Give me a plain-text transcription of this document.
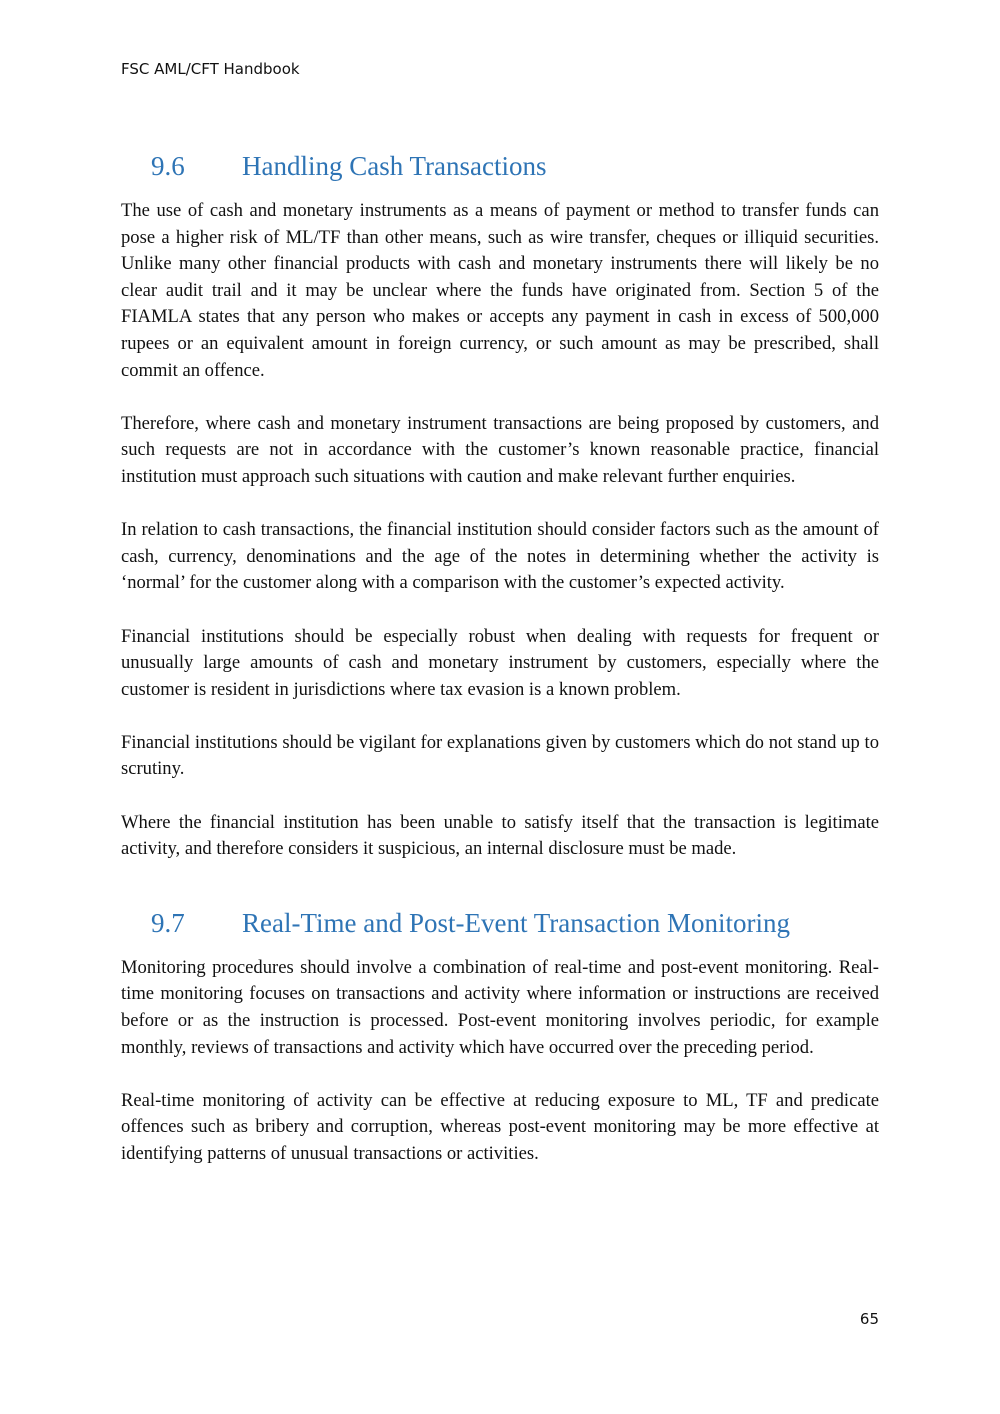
FSC AML/CFT Handbook
9.6 Handling Cash Transactions

The use of cash and monetary instruments as a means of payment or method to transfer funds can pose a higher risk of ML/TF than other means, such as wire transfer, cheques or illiquid securities. Unlike many other financial products with cash and monetary instruments there will likely be no clear audit trail and it may be unclear where the funds have originated from. Section 5 of the FIAMLA states that any person who makes or accepts any payment in cash in excess of 500,000 rupees or an equivalent amount in foreign currency, or such amount as may be prescribed, shall commit an offence.

Therefore, where cash and monetary instrument transactions are being proposed by customers, and such requests are not in accordance with the customer’s known reasonable practice, financial institution must approach such situations with caution and make relevant further enquiries.

In relation to cash transactions, the financial institution should consider factors such as the amount of cash, currency, denominations and the age of the notes in determining whether the activity is ‘normal’ for the customer along with a comparison with the customer’s expected activity.

Financial institutions should be especially robust when dealing with requests for frequent or unusually large amounts of cash and monetary instrument by customers, especially where the customer is resident in jurisdictions where tax evasion is a known problem.

Financial institutions should be vigilant for explanations given by customers which do not stand up to scrutiny.

Where the financial institution has been unable to satisfy itself that the transaction is legitimate activity, and therefore considers it suspicious, an internal disclosure must be made.

9.7 Real-Time and Post-Event Transaction Monitoring

Monitoring procedures should involve a combination of real-time and post-event monitoring. Real-time monitoring focuses on transactions and activity where information or instructions are received before or as the instruction is processed. Post-event monitoring involves periodic, for example monthly, reviews of transactions and activity which have occurred over the preceding period.

Real-time monitoring of activity can be effective at reducing exposure to ML, TF and predicate offences such as bribery and corruption, whereas post-event monitoring may be more effective at identifying patterns of unusual transactions or activities.

65
